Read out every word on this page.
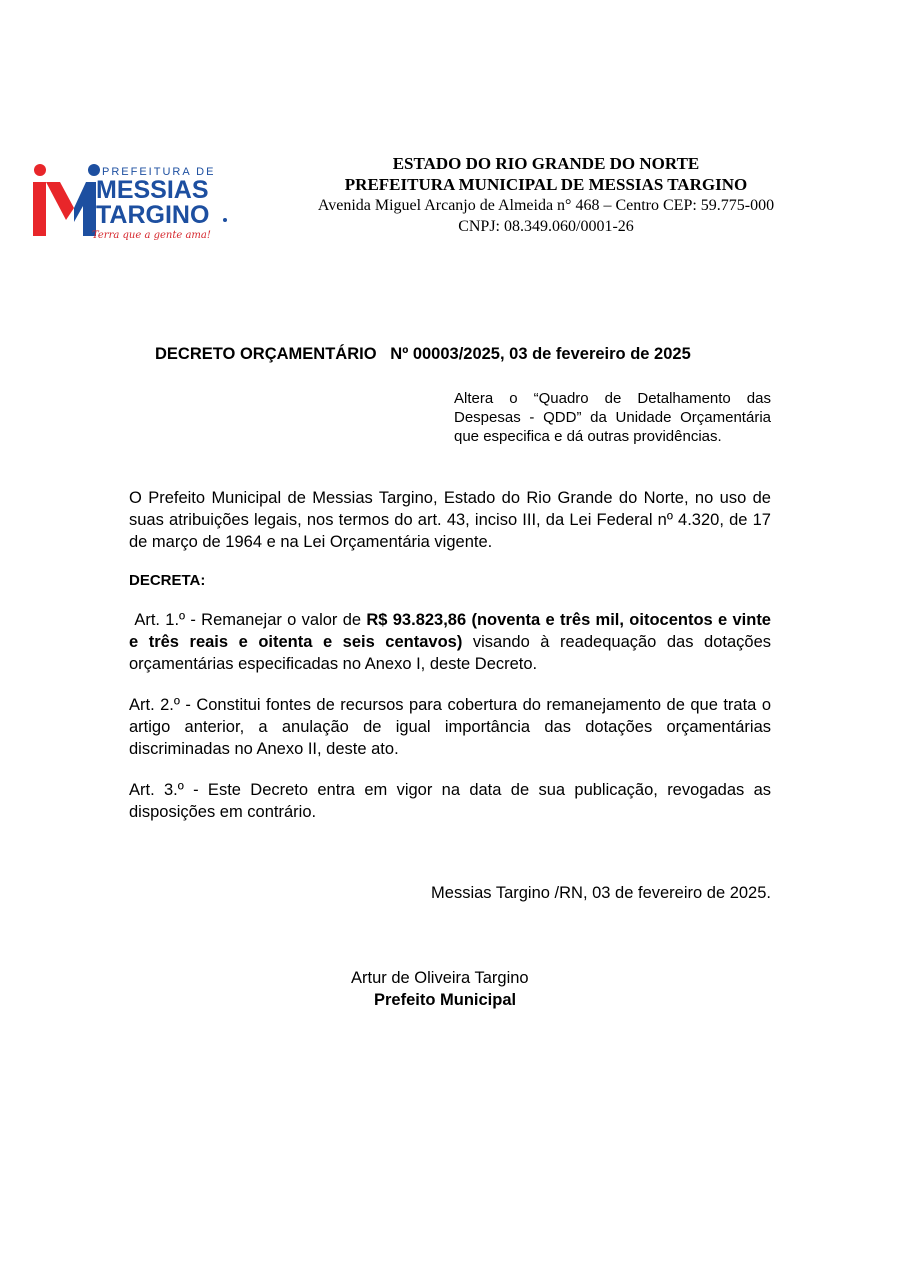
PREFEITURA DE
MESSIAS
TARGINO
Terra que a gente ama!
ESTADO DO RIO GRANDE DO NORTE
PREFEITURA MUNICIPAL DE MESSIAS TARGINO
Avenida Miguel Arcanjo de Almeida n° 468 – Centro CEP: 59.775-000
CNPJ: 08.349.060/0001-26
DECRETO ORÇAMENTÁRIO   Nº 00003/2025, 03 de fevereiro de 2025
Altera o “Quadro de Detalhamento das Despesas - QDD” da Unidade Orçamentária que especifica e dá outras providências.
O Prefeito Municipal de Messias Targino, Estado do Rio Grande do Norte, no uso de suas atribuições legais, nos termos do art. 43, inciso III, da Lei Federal nº 4.320, de 17 de março de 1964 e na Lei Orçamentária vigente.
DECRETA:
Art. 1.º - Remanejar o valor de R$ 93.823,86 (noventa e três mil, oitocentos e vinte e três reais e oitenta e seis centavos) visando à readequação das dotações orçamentárias especificadas no Anexo I, deste Decreto.
Art. 2.º - Constitui fontes de recursos para cobertura do remanejamento de que trata o artigo anterior, a anulação de igual importância das dotações orçamentárias discriminadas no Anexo II, deste ato.
Art. 3.º - Este Decreto entra em vigor na data de sua publicação, revogadas as disposições em contrário.
Messias Targino /RN, 03 de fevereiro de 2025.
Artur de Oliveira Targino
Prefeito Municipal
